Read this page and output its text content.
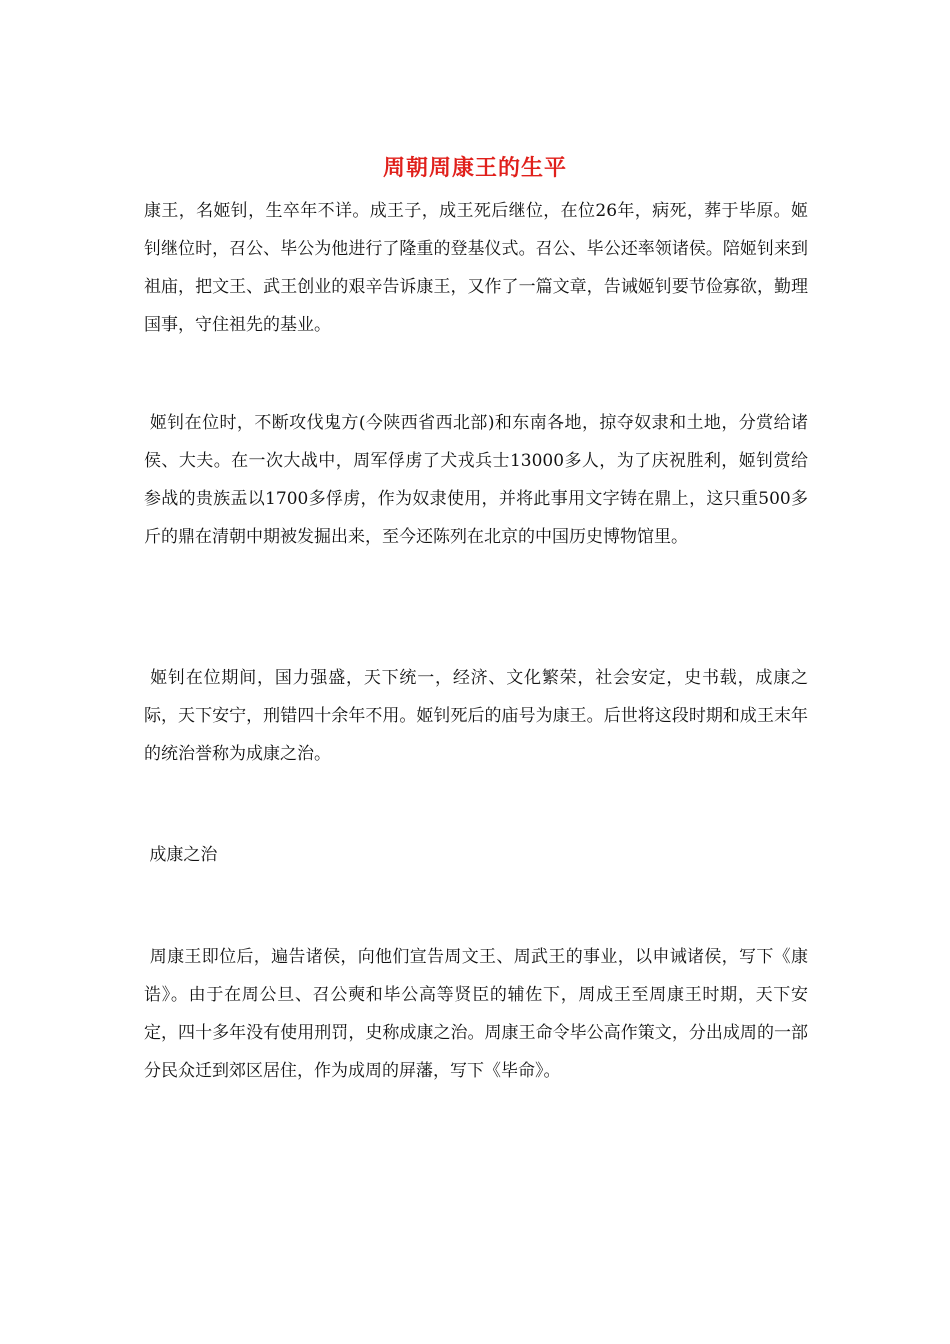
周朝周康王的生平
康王，名姬钊，生卒年不详。成王子，成王死后继位，在位26年，病死，葬于毕原。姬钊继位时，召公、毕公为他进行了隆重的登基仪式。召公、毕公还率领诸侯。陪姬钊来到祖庙，把文王、武王创业的艰辛告诉康王，又作了一篇文章，告诫姬钊要节俭寡欲，勤理国事，守住祖先的基业。
姬钊在位时，不断攻伐鬼方(今陕西省西北部)和东南各地，掠夺奴隶和土地，分赏给诸侯、大夫。在一次大战中，周军俘虏了犬戎兵士13000多人，为了庆祝胜利，姬钊赏给参战的贵族盂以1700多俘虏，作为奴隶使用，并将此事用文字铸在鼎上，这只重500多斤的鼎在清朝中期被发掘出来，至今还陈列在北京的中国历史博物馆里。
姬钊在位期间，国力强盛，天下统一，经济、文化繁荣，社会安定，史书载，成康之际，天下安宁，刑错四十余年不用。姬钊死后的庙号为康王。后世将这段时期和成王末年的统治誉称为成康之治。
成康之治
周康王即位后，遍告诸侯，向他们宣告周文王、周武王的事业，以申诫诸侯，写下《康诰》。由于在周公旦、召公奭和毕公高等贤臣的辅佐下，周成王至周康王时期，天下安定，四十多年没有使用刑罚，史称成康之治。周康王命令毕公高作策文，分出成周的一部分民众迁到郊区居住，作为成周的屏藩，写下《毕命》。
